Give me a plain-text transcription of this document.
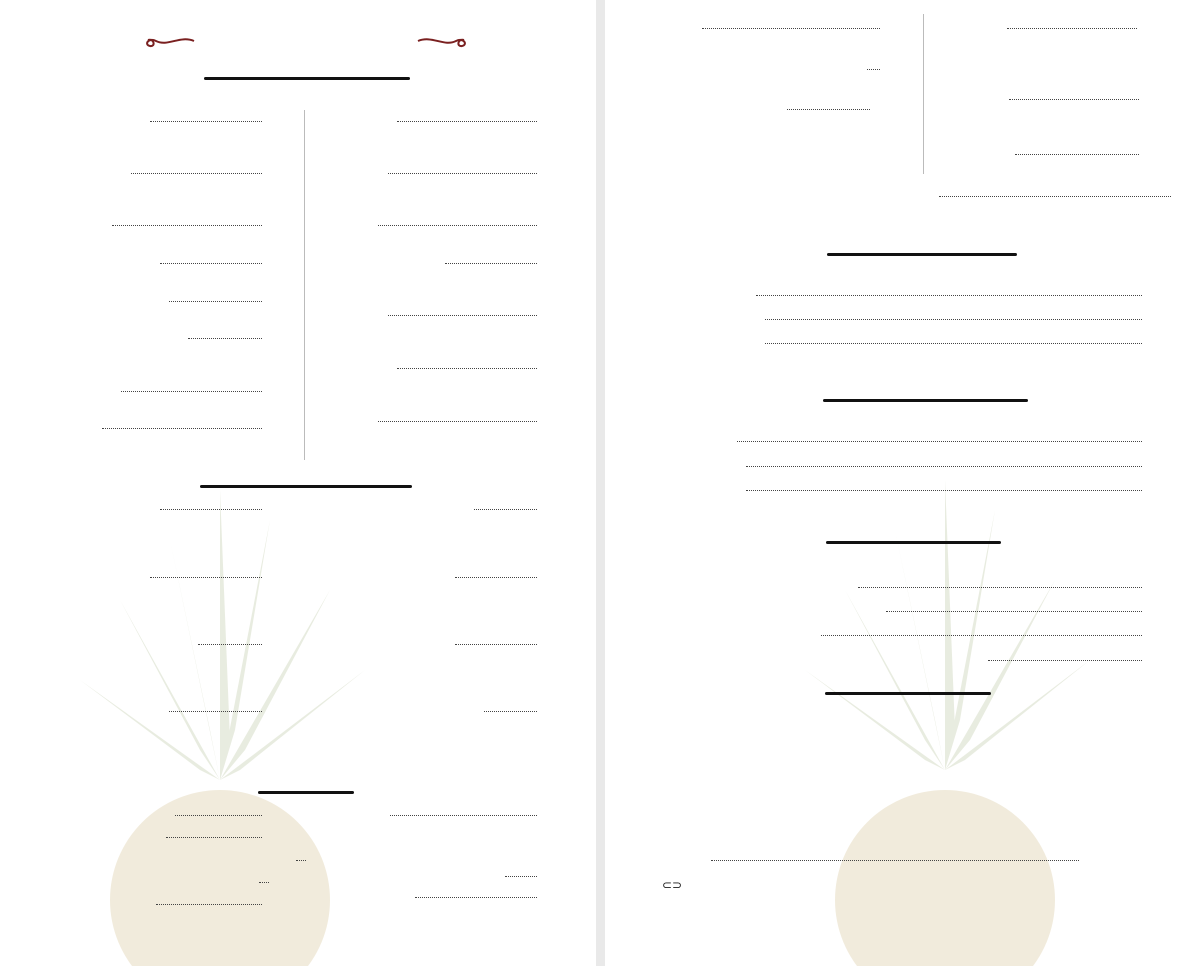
⊂⊃
